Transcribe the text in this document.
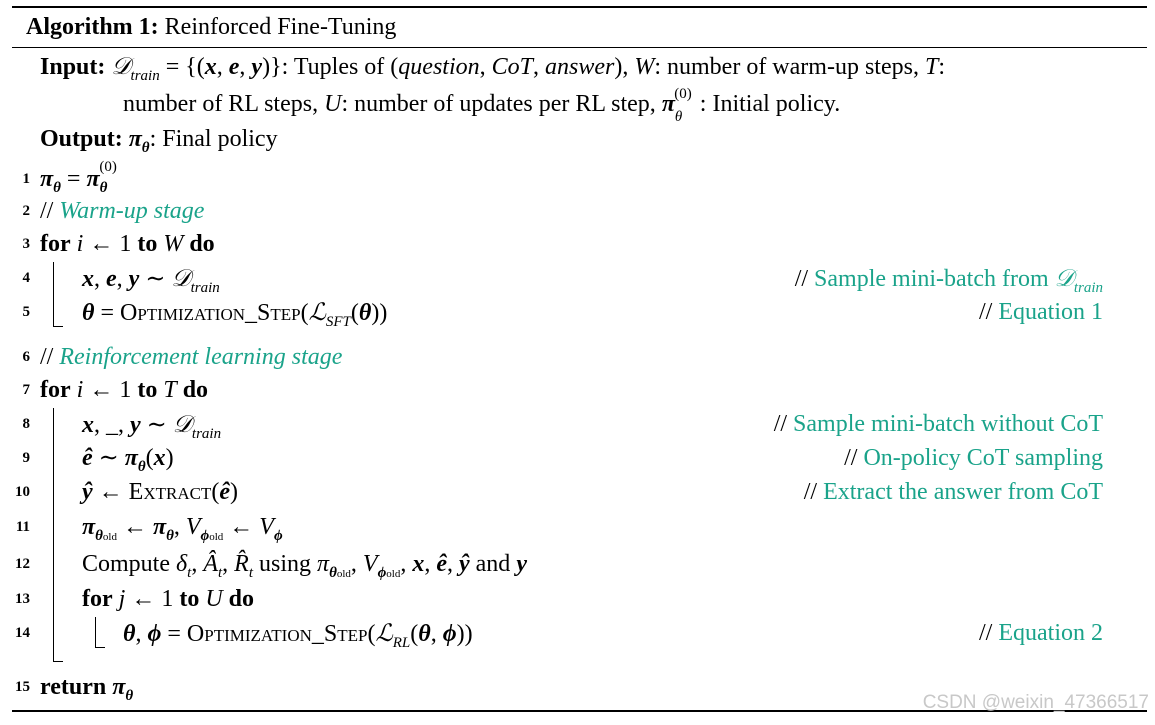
Algorithm 1: Reinforced Fine-Tuning
Input: 𝒟$_{train}$ = {(x, e, y)}: Tuples of (question, CoT, answer), W: number of warm-up steps, T:
number of RL steps, U: number of updates per RL step, $\pi_\theta^{(0)}$ : Initial policy.
Output: $\pi_\theta$: Final policy
1 $\pi_\theta = \pi_\theta^{(0)}$
2 // Warm-up stage
3 for i ← 1 to W do
4 x, e, y ∼ 𝒟$_{train}$	// Sample mini-batch from 𝒟$_{train}$
5 θ = Optimization_Step(ℒ$_{SFT}$(θ))	// Equation 1
6 // Reinforcement learning stage
7 for i ← 1 to T do
8 x, _, y ∼ 𝒟$_{train}$	// Sample mini-batch without CoT
9 ê ∼ $\pi_\theta(x)$	// On-policy CoT sampling
10 ŷ ← Extract(ê)	// Extract the answer from CoT
11 $\pi_{\theta old}$ ← $\pi_\theta$, $V_{\phi old}$ ← $V_\phi$
12 Compute $\delta_t$, $Â_t$, $R̂_t$ using $\pi_{\theta old}$, $V_{\phi old}$, x, ê, ŷ and y
13 for j ← 1 to U do
14	θ, ϕ = Optimization_Step(ℒ$_{RL}$(θ, ϕ))	// Equation 2
15 return $\pi_\theta$	CSDN @weixin_47366517
